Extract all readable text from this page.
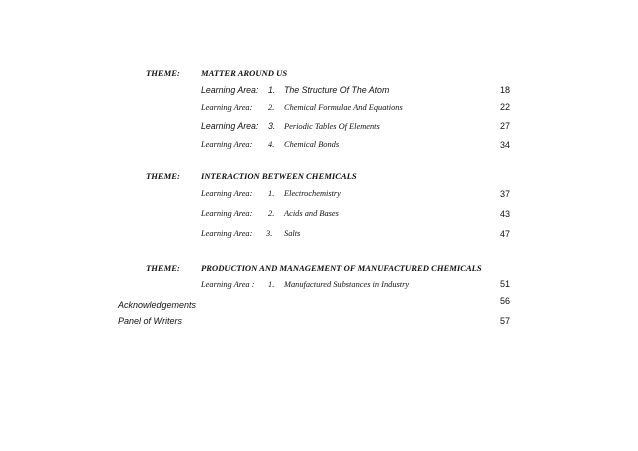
THEME: MATTER AROUND US
Learning Area: 1. The Structure Of The Atom	18
Learning Area: 2. Chemical Formulae And Equations	22
Learning Area: 3. Periodic Tables Of Elements	27
Learning Area: 4. Chemical Bonds	34
THEME: INTERACTION BETWEEN CHEMICALS
Learning Area: 1. Electrochemistry	37
Learning Area: 2. Acids and Bases	43
Learning Area: 3. Salts	47
THEME: PRODUCTION AND MANAGEMENT OF MANUFACTURED CHEMICALS
Learning Area : 1. Manufactured Substances in Industry	51
Acknowledgements	56
Panel of Writers	57
